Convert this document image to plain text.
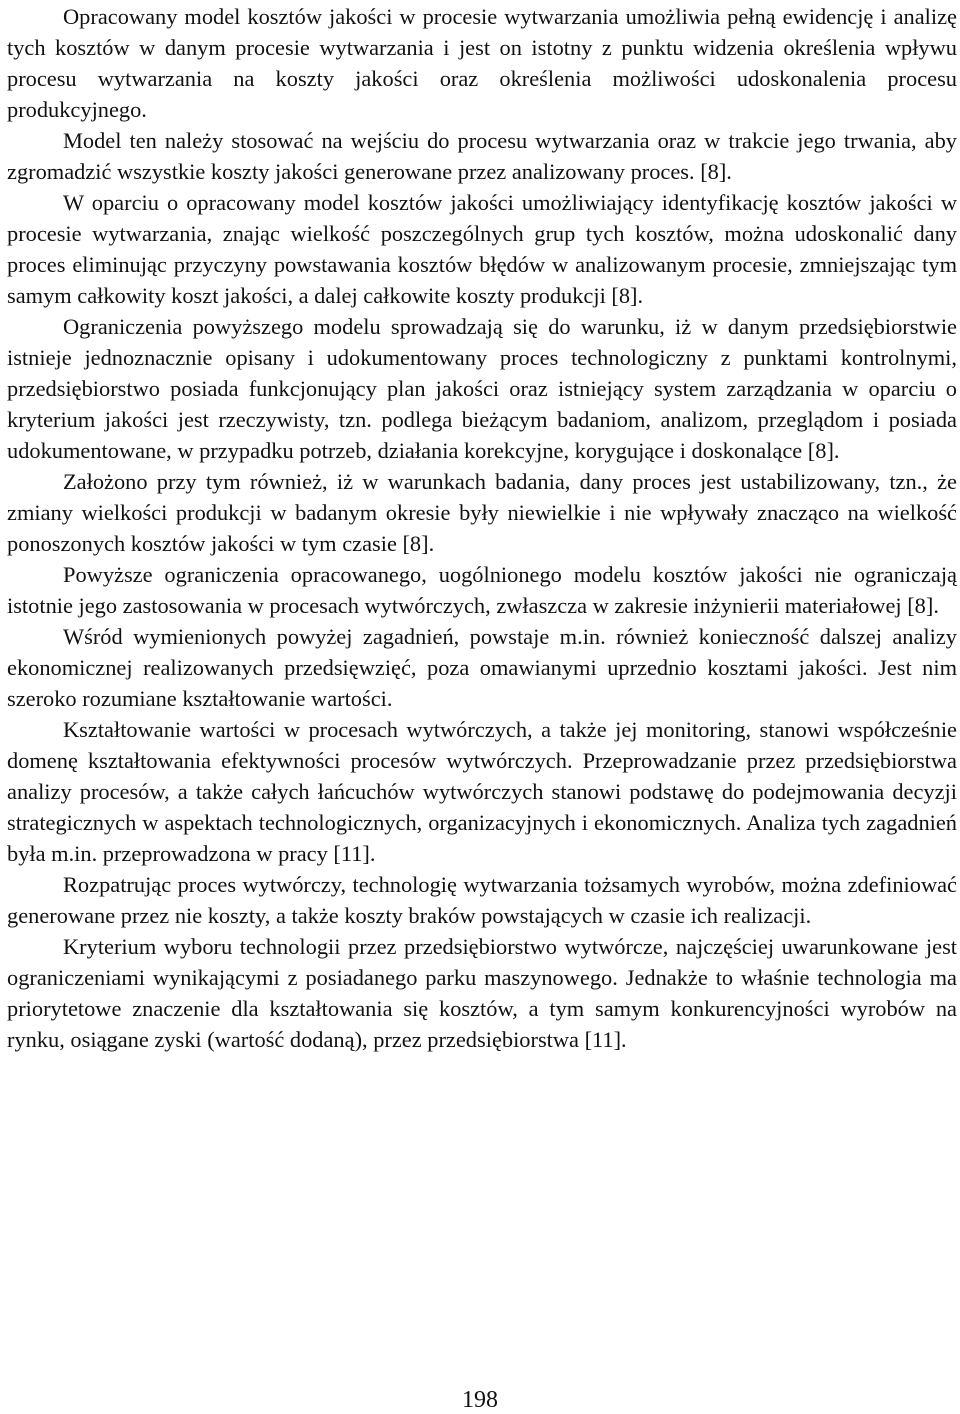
Opracowany model kosztów jakości w procesie wytwarzania umożliwia pełną ewidencję i analizę tych kosztów w danym procesie wytwarzania i jest on istotny z punktu widzenia określenia wpływu procesu wytwarzania na koszty jakości oraz określenia możliwości udoskonalenia procesu produkcyjnego.

Model ten należy stosować na wejściu do procesu wytwarzania oraz w trakcie jego trwania, aby zgromadzić wszystkie koszty jakości generowane przez analizowany proces. [8].

W oparciu o opracowany model kosztów jakości umożliwiający identyfikację kosztów jakości w procesie wytwarzania, znając wielkość poszczególnych grup tych kosztów, można udoskonalić dany proces eliminując przyczyny powstawania kosztów błędów w analizowanym procesie, zmniejszając tym samym całkowity koszt jakości, a dalej całkowite koszty produkcji [8].

Ograniczenia powyższego modelu sprowadzają się do warunku, iż w danym przedsiębiorstwie istnieje jednoznacznie opisany i udokumentowany proces technologiczny z punktami kontrolnymi, przedsiębiorstwo posiada funkcjonujący plan jakości oraz istniejący system zarządzania w oparciu o kryterium jakości jest rzeczywisty, tzn. podlega bieżącym badaniom, analizom, przeglądom i posiada udokumentowane, w przypadku potrzeb, działania korekcyjne, korygujące i doskonalące [8].

Założono przy tym również, iż w warunkach badania, dany proces jest ustabilizowany, tzn., że zmiany wielkości produkcji w badanym okresie były niewielkie i nie wpływały znacząco na wielkość ponoszonych kosztów jakości w tym czasie [8].

Powyższe ograniczenia opracowanego, uogólnionego modelu kosztów jakości nie ograniczają istotnie jego zastosowania w procesach wytwórczych, zwłaszcza w zakresie inżynierii materiałowej [8].

Wśród wymienionych powyżej zagadnień, powstaje m.in. również konieczność dalszej analizy ekonomicznej realizowanych przedsięwzięć, poza omawianymi uprzednio kosztami jakości. Jest nim szeroko rozumiane kształtowanie wartości.

Kształtowanie wartości w procesach wytwórczych, a także jej monitoring, stanowi współcześnie domenę kształtowania efektywności procesów wytwórczych. Przeprowadzanie przez przedsiębiorstwa analizy procesów, a także całych łańcuchów wytwórczych stanowi podstawę do podejmowania decyzji strategicznych w aspektach technologicznych, organizacyjnych i ekonomicznych. Analiza tych zagadnień była m.in. przeprowadzona w pracy [11].

Rozpatrując proces wytwórczy, technologię wytwarzania tożsamych wyrobów, można zdefiniować generowane przez nie koszty, a także koszty braków powstających w czasie ich realizacji.

Kryterium wyboru technologii przez przedsiębiorstwo wytwórcze, najczęściej uwarunkowane jest ograniczeniami wynikającymi z posiadanego parku maszynowego. Jednakże to właśnie technologia ma priorytetowe znaczenie dla kształtowania się kosztów, a tym samym konkurencyjności wyrobów na rynku, osiągane zyski (wartość dodaną), przez przedsiębiorstwa [11].

198
